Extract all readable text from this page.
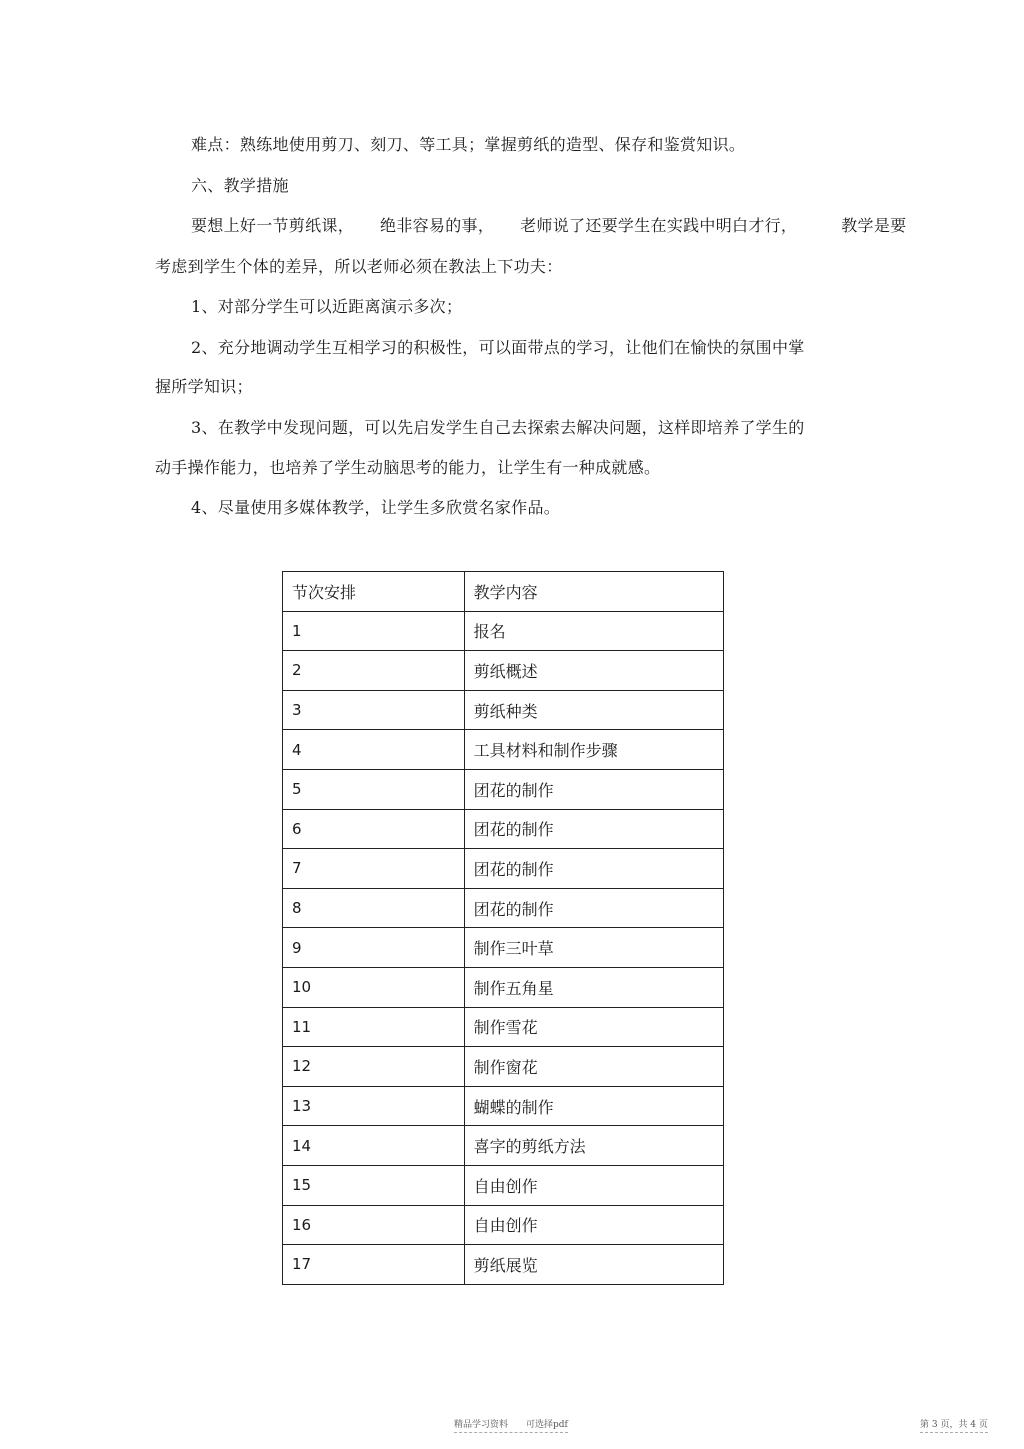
难点：熟练地使用剪刀、刻刀、等工具；掌握剪纸的造型、保存和鉴赏知识。

六、教学措施

要想上好一节剪纸课， 绝非容易的事， 老师说了还要学生在实践中明白才行，	教学是要

考虑到学生个体的差异，所以老师必须在教法上下功夫：

1、对部分学生可以近距离演示多次；

2、充分地调动学生互相学习的积极性，可以面带点的学习，让他们在愉快的氛围中掌

握所学知识；

3、在教学中发现问题，可以先启发学生自己去探索去解决问题，这样即培养了学生的

动手操作能力，也培养了学生动脑思考的能力，让学生有一种成就感。

4、尽量使用多媒体教学，让学生多欣赏名家作品。

节次安排	教学内容
1	报名
2	剪纸概述
3	剪纸种类
4	工具材料和制作步骤
5	团花的制作
6	团花的制作
7	团花的制作
8	团花的制作
9	制作三叶草
10	制作五角星
11	制作雪花
12	制作窗花
13	蝴蝶的制作
14	喜字的剪纸方法
15	自由创作
16	自由创作
17	剪纸展览
精品学习资料　　可选择pdf	第 3 页，共 4 页
